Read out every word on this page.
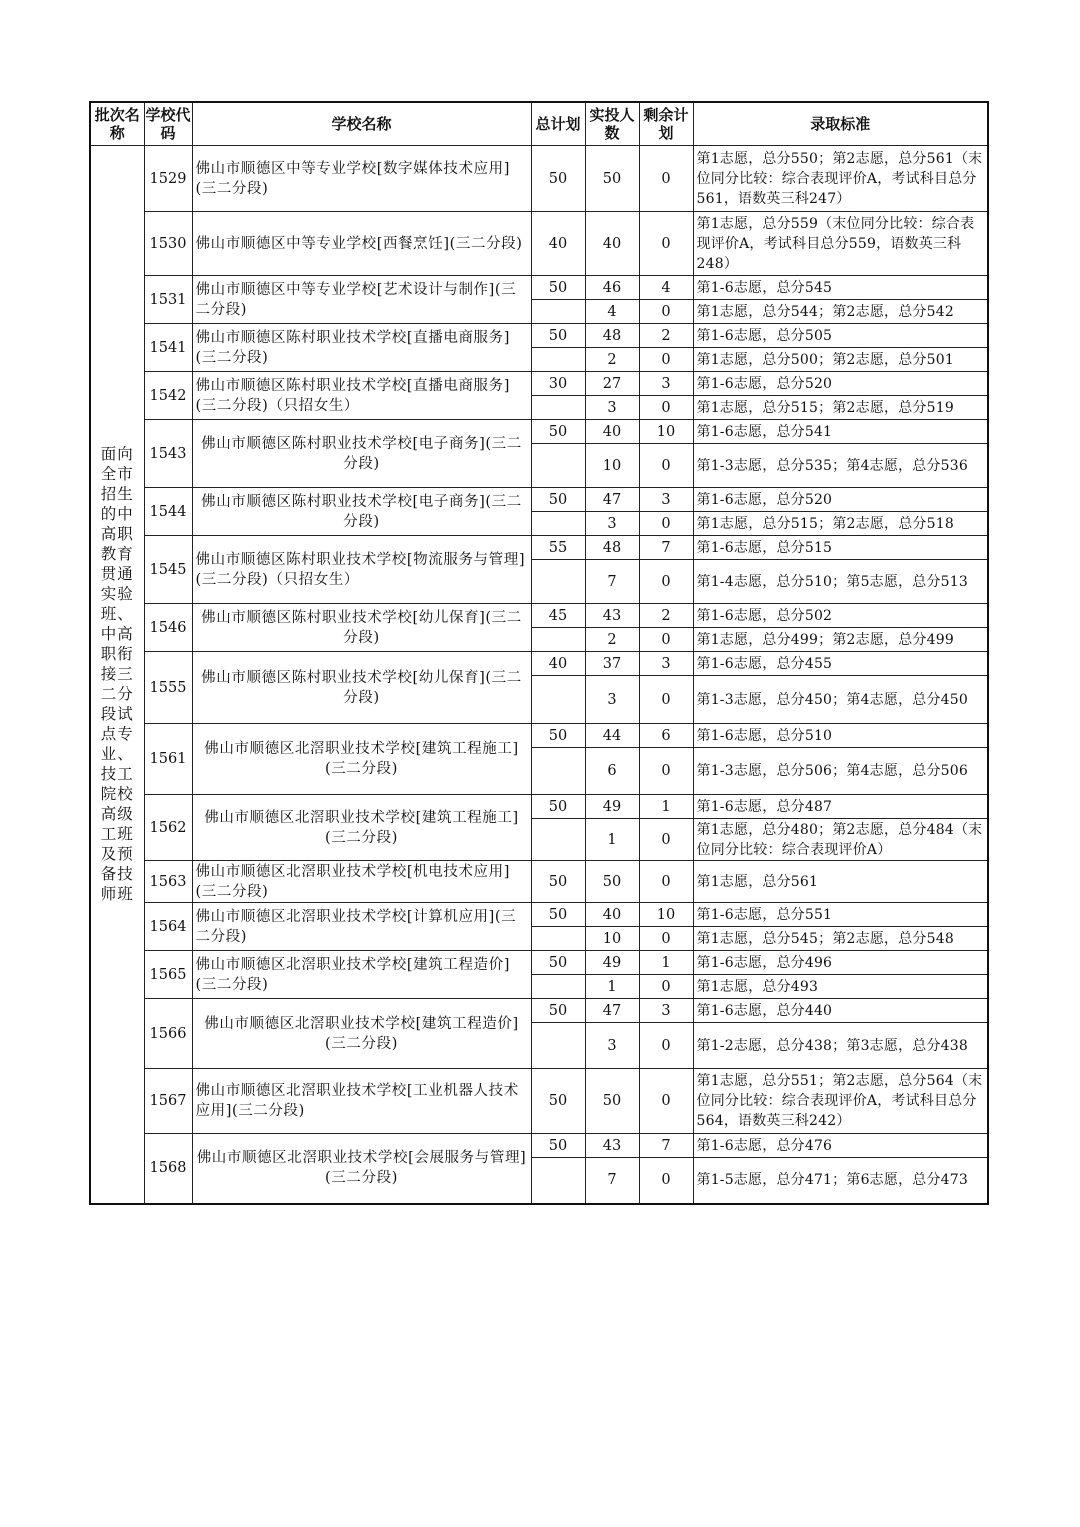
批次名称	学校代码	学校名称	总计划	实投人数	剩余计划	录取标准
面向全市招生的中高职教育贯通实验班、中高职衔接三二分段试点专业、技工院校高级工班及预备技师班	1529	佛山市顺德区中等专业学校[数字媒体技术应用](三二分段)	50	50	0	第1志愿，总分550；第2志愿，总分561（末位同分比较：综合表现评价A，考试科目总分561，语数英三科247）
	1530	佛山市顺德区中等专业学校[西餐烹饪](三二分段)	40	40	0	第1志愿，总分559（末位同分比较：综合表现评价A，考试科目总分559，语数英三科248）
	1531	佛山市顺德区中等专业学校[艺术设计与制作](三二分段)	50	46	4	第1-6志愿，总分545
				4	0	第1志愿，总分544；第2志愿，总分542
	1541	佛山市顺德区陈村职业技术学校[直播电商服务](三二分段)	50	48	2	第1-6志愿，总分505
				2	0	第1志愿，总分500；第2志愿，总分501
	1542	佛山市顺德区陈村职业技术学校[直播电商服务](三二分段)（只招女生）	30	27	3	第1-6志愿，总分520
				3	0	第1志愿，总分515；第2志愿，总分519
	1543	佛山市顺德区陈村职业技术学校[电子商务](三二分段)	50	40	10	第1-6志愿，总分541
				10	0	第1-3志愿，总分535；第4志愿，总分536
	1544	佛山市顺德区陈村职业技术学校[电子商务](三二分段)	50	47	3	第1-6志愿，总分520
				3	0	第1志愿，总分515；第2志愿，总分518
	1545	佛山市顺德区陈村职业技术学校[物流服务与管理](三二分段)（只招女生）	55	48	7	第1-6志愿，总分515
				7	0	第1-4志愿，总分510；第5志愿，总分513
	1546	佛山市顺德区陈村职业技术学校[幼儿保育](三二分段)	45	43	2	第1-6志愿，总分502
				2	0	第1志愿，总分499；第2志愿，总分499
	1555	佛山市顺德区陈村职业技术学校[幼儿保育](三二分段)	40	37	3	第1-6志愿，总分455
				3	0	第1-3志愿，总分450；第4志愿，总分450
	1561	佛山市顺德区北滘职业技术学校[建筑工程施工](三二分段)	50	44	6	第1-6志愿，总分510
				6	0	第1-3志愿，总分506；第4志愿，总分506
	1562	佛山市顺德区北滘职业技术学校[建筑工程施工](三二分段)	50	49	1	第1-6志愿，总分487
				1	0	第1志愿，总分480；第2志愿，总分484（末位同分比较：综合表现评价A）
	1563	佛山市顺德区北滘职业技术学校[机电技术应用](三二分段)	50	50	0	第1志愿，总分561
	1564	佛山市顺德区北滘职业技术学校[计算机应用](三二分段)	50	40	10	第1-6志愿，总分551
				10	0	第1志愿，总分545；第2志愿，总分548
	1565	佛山市顺德区北滘职业技术学校[建筑工程造价](三二分段)	50	49	1	第1-6志愿，总分496
				1	0	第1志愿，总分493
	1566	佛山市顺德区北滘职业技术学校[建筑工程造价](三二分段)	50	47	3	第1-6志愿，总分440
				3	0	第1-2志愿，总分438；第3志愿，总分438
	1567	佛山市顺德区北滘职业技术学校[工业机器人技术应用](三二分段)	50	50	0	第1志愿，总分551；第2志愿，总分564（末位同分比较：综合表现评价A，考试科目总分564，语数英三科242）
	1568	佛山市顺德区北滘职业技术学校[会展服务与管理](三二分段)	50	43	7	第1-6志愿，总分476
				7	0	第1-5志愿，总分471；第6志愿，总分473
